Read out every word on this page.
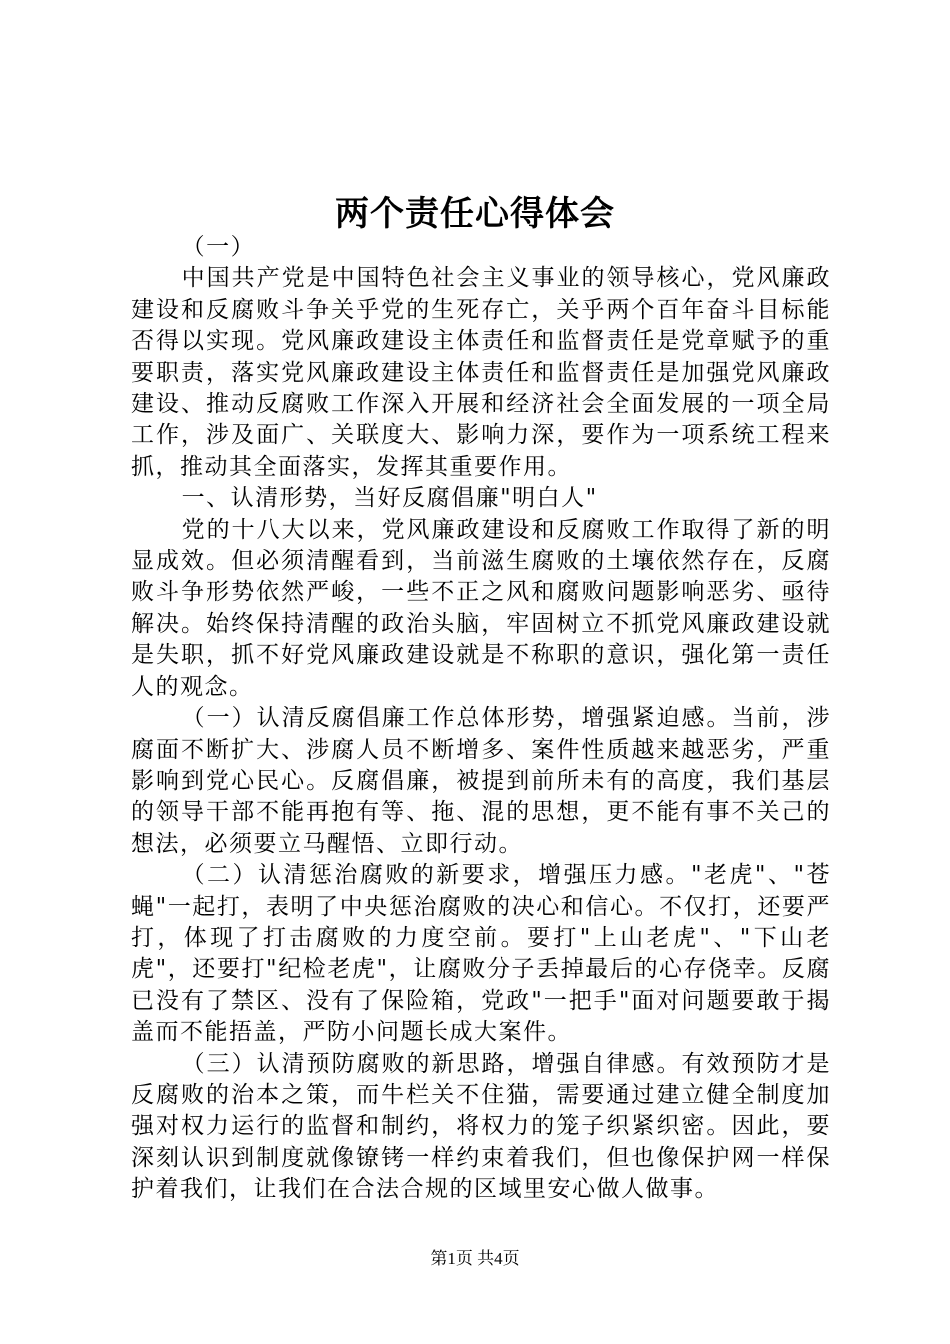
两个责任心得体会

（一）

中国共产党是中国特色社会主义事业的领导核心，党风廉政建设和反腐败斗争关乎党的生死存亡，关乎两个百年奋斗目标能否得以实现。党风廉政建设主体责任和监督责任是党章赋予的重要职责，落实党风廉政建设主体责任和监督责任是加强党风廉政建设、推动反腐败工作深入开展和经济社会全面发展的一项全局工作，涉及面广、关联度大、影响力深，要作为一项系统工程来抓，推动其全面落实，发挥其重要作用。

一、认清形势，当好反腐倡廉"明白人"

党的十八大以来，党风廉政建设和反腐败工作取得了新的明显成效。但必须清醒看到，当前滋生腐败的土壤依然存在，反腐败斗争形势依然严峻，一些不正之风和腐败问题影响恶劣、亟待解决。始终保持清醒的政治头脑，牢固树立不抓党风廉政建设就是失职，抓不好党风廉政建设就是不称职的意识，强化第一责任人的观念。

（一）认清反腐倡廉工作总体形势，增强紧迫感。当前，涉腐面不断扩大、涉腐人员不断增多、案件性质越来越恶劣，严重影响到党心民心。反腐倡廉，被提到前所未有的高度，我们基层的领导干部不能再抱有等、拖、混的思想，更不能有事不关己的想法，必须要立马醒悟、立即行动。

（二）认清惩治腐败的新要求，增强压力感。"老虎"、"苍蝇"一起打，表明了中央惩治腐败的决心和信心。不仅打，还要严打，体现了打击腐败的力度空前。要打"上山老虎"、"下山老虎"，还要打"纪检老虎"，让腐败分子丢掉最后的心存侥幸。反腐已没有了禁区、没有了保险箱，党政"一把手"面对问题要敢于揭盖而不能捂盖，严防小问题长成大案件。

（三）认清预防腐败的新思路，增强自律感。有效预防才是反腐败的治本之策，而牛栏关不住猫，需要通过建立健全制度加强对权力运行的监督和制约，将权力的笼子织紧织密。因此，要深刻认识到制度就像镣铐一样约束着我们，但也像保护网一样保护着我们，让我们在合法合规的区域里安心做人做事。

第1页 共4页
